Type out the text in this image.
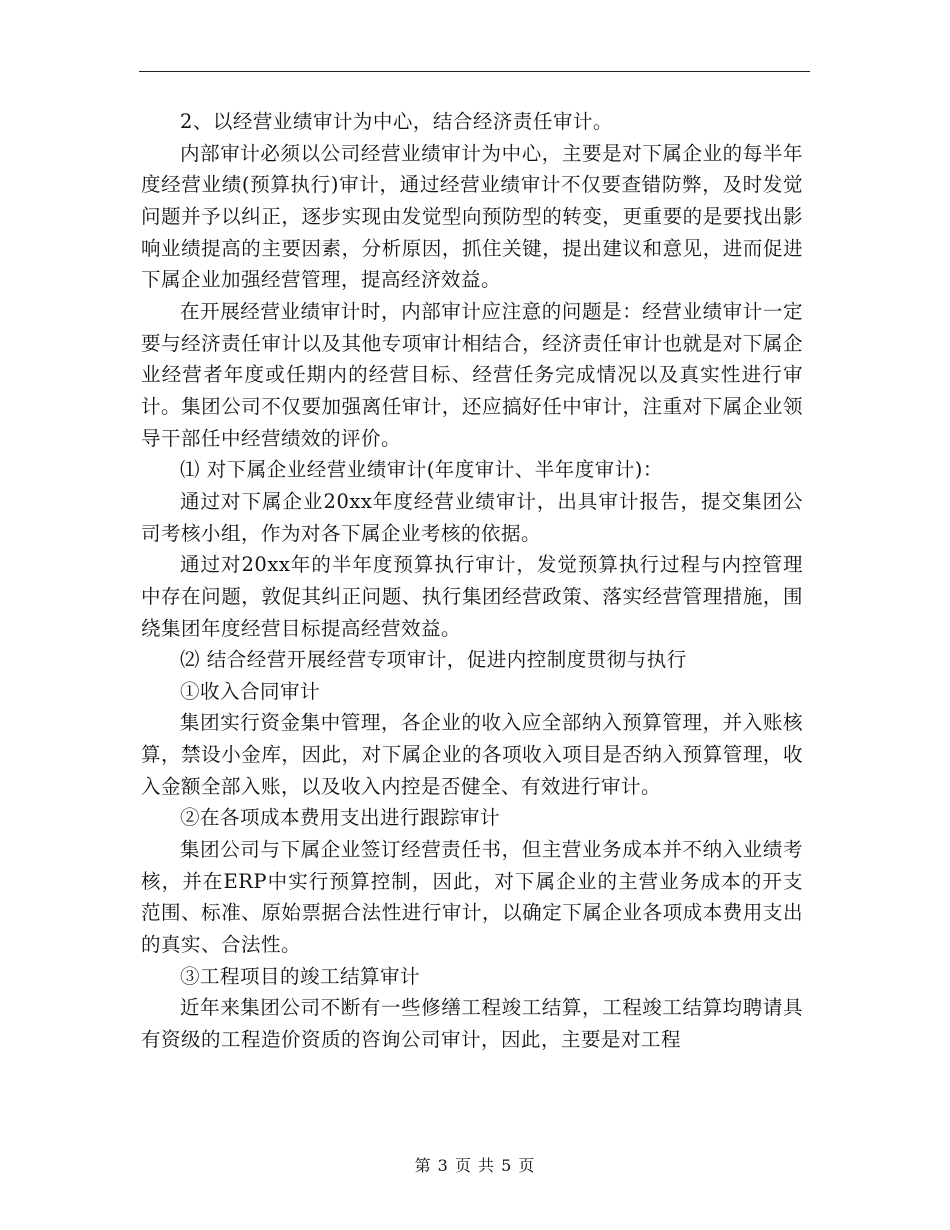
2、以经营业绩审计为中心，结合经济责任审计。

内部审计必须以公司经营业绩审计为中心，主要是对下属企业的每半年度经营业绩(预算执行)审计，通过经营业绩审计不仅要查错防弊，及时发觉问题并予以纠正，逐步实现由发觉型向预防型的转变，更重要的是要找出影响业绩提高的主要因素，分析原因，抓住关键，提出建议和意见，进而促进下属企业加强经营管理，提高经济效益。

在开展经营业绩审计时，内部审计应注意的问题是：经营业绩审计一定要与经济责任审计以及其他专项审计相结合，经济责任审计也就是对下属企业经营者年度或任期内的经营目标、经营任务完成情况以及真实性进行审计。集团公司不仅要加强离任审计，还应搞好任中审计，注重对下属企业领导干部任中经营绩效的评价。

⑴ 对下属企业经营业绩审计(年度审计、半年度审计)：

通过对下属企业20xx年度经营业绩审计，出具审计报告，提交集团公司考核小组，作为对各下属企业考核的依据。

通过对20xx年的半年度预算执行审计，发觉预算执行过程与内控管理中存在问题，敦促其纠正问题、执行集团经营政策、落实经营管理措施，围绕集团年度经营目标提高经营效益。

⑵ 结合经营开展经营专项审计，促进内控制度贯彻与执行

①收入合同审计

集团实行资金集中管理，各企业的收入应全部纳入预算管理，并入账核算，禁设小金库，因此，对下属企业的各项收入项目是否纳入预算管理，收入金额全部入账，以及收入内控是否健全、有效进行审计。

②在各项成本费用支出进行跟踪审计

集团公司与下属企业签订经营责任书，但主营业务成本并不纳入业绩考核，并在ERP中实行预算控制，因此，对下属企业的主营业务成本的开支范围、标准、原始票据合法性进行审计，以确定下属企业各项成本费用支出的真实、合法性。

③工程项目的竣工结算审计

近年来集团公司不断有一些修缮工程竣工结算，工程竣工结算均聘请具有资级的工程造价资质的咨询公司审计，因此，主要是对工程

第 3 页 共 5 页
